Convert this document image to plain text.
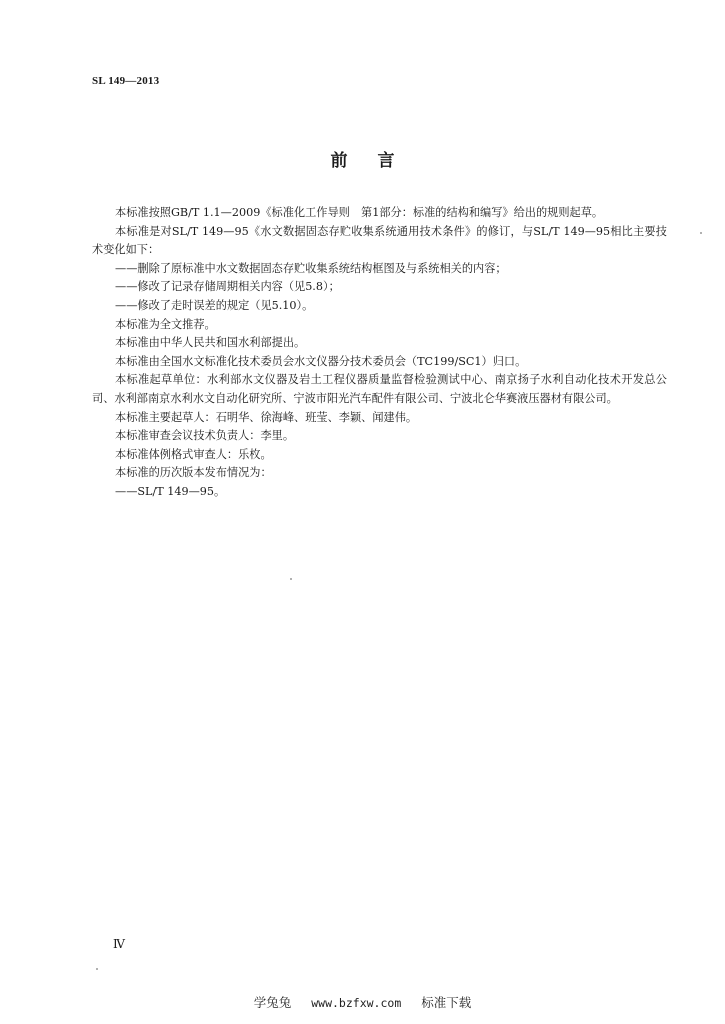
SL 149—2013
前 言

本标准按照GB/T 1.1—2009《标准化工作导则　第1部分：标准的结构和编写》给出的规则起草。

本标准是对SL/T 149—95《水文数据固态存贮收集系统通用技术条件》的修订，与SL/T 149—95相比主要技术变化如下：

——删除了原标准中水文数据固态存贮收集系统结构框图及与系统相关的内容；

——修改了记录存储周期相关内容（见5.8）；

——修改了走时误差的规定（见5.10）。

本标准为全文推荐。

本标准由中华人民共和国水利部提出。

本标准由全国水文标准化技术委员会水文仪器分技术委员会（TC199/SC1）归口。

本标准起草单位：水利部水文仪器及岩土工程仪器质量监督检验测试中心、南京扬子水利自动化技术开发总公司、水利部南京水利水文自动化研究所、宁波市阳光汽车配件有限公司、宁波北仑华赛液压器材有限公司。

本标准主要起草人：石明华、徐海峰、班莹、李颖、闻建伟。

本标准审查会议技术负责人：李里。

本标准体例格式审查人：乐枚。

本标准的历次版本发布情况为：

——SL/T 149—95。

Ⅳ
学兔兔 www.bzfxw.com 标准下载
